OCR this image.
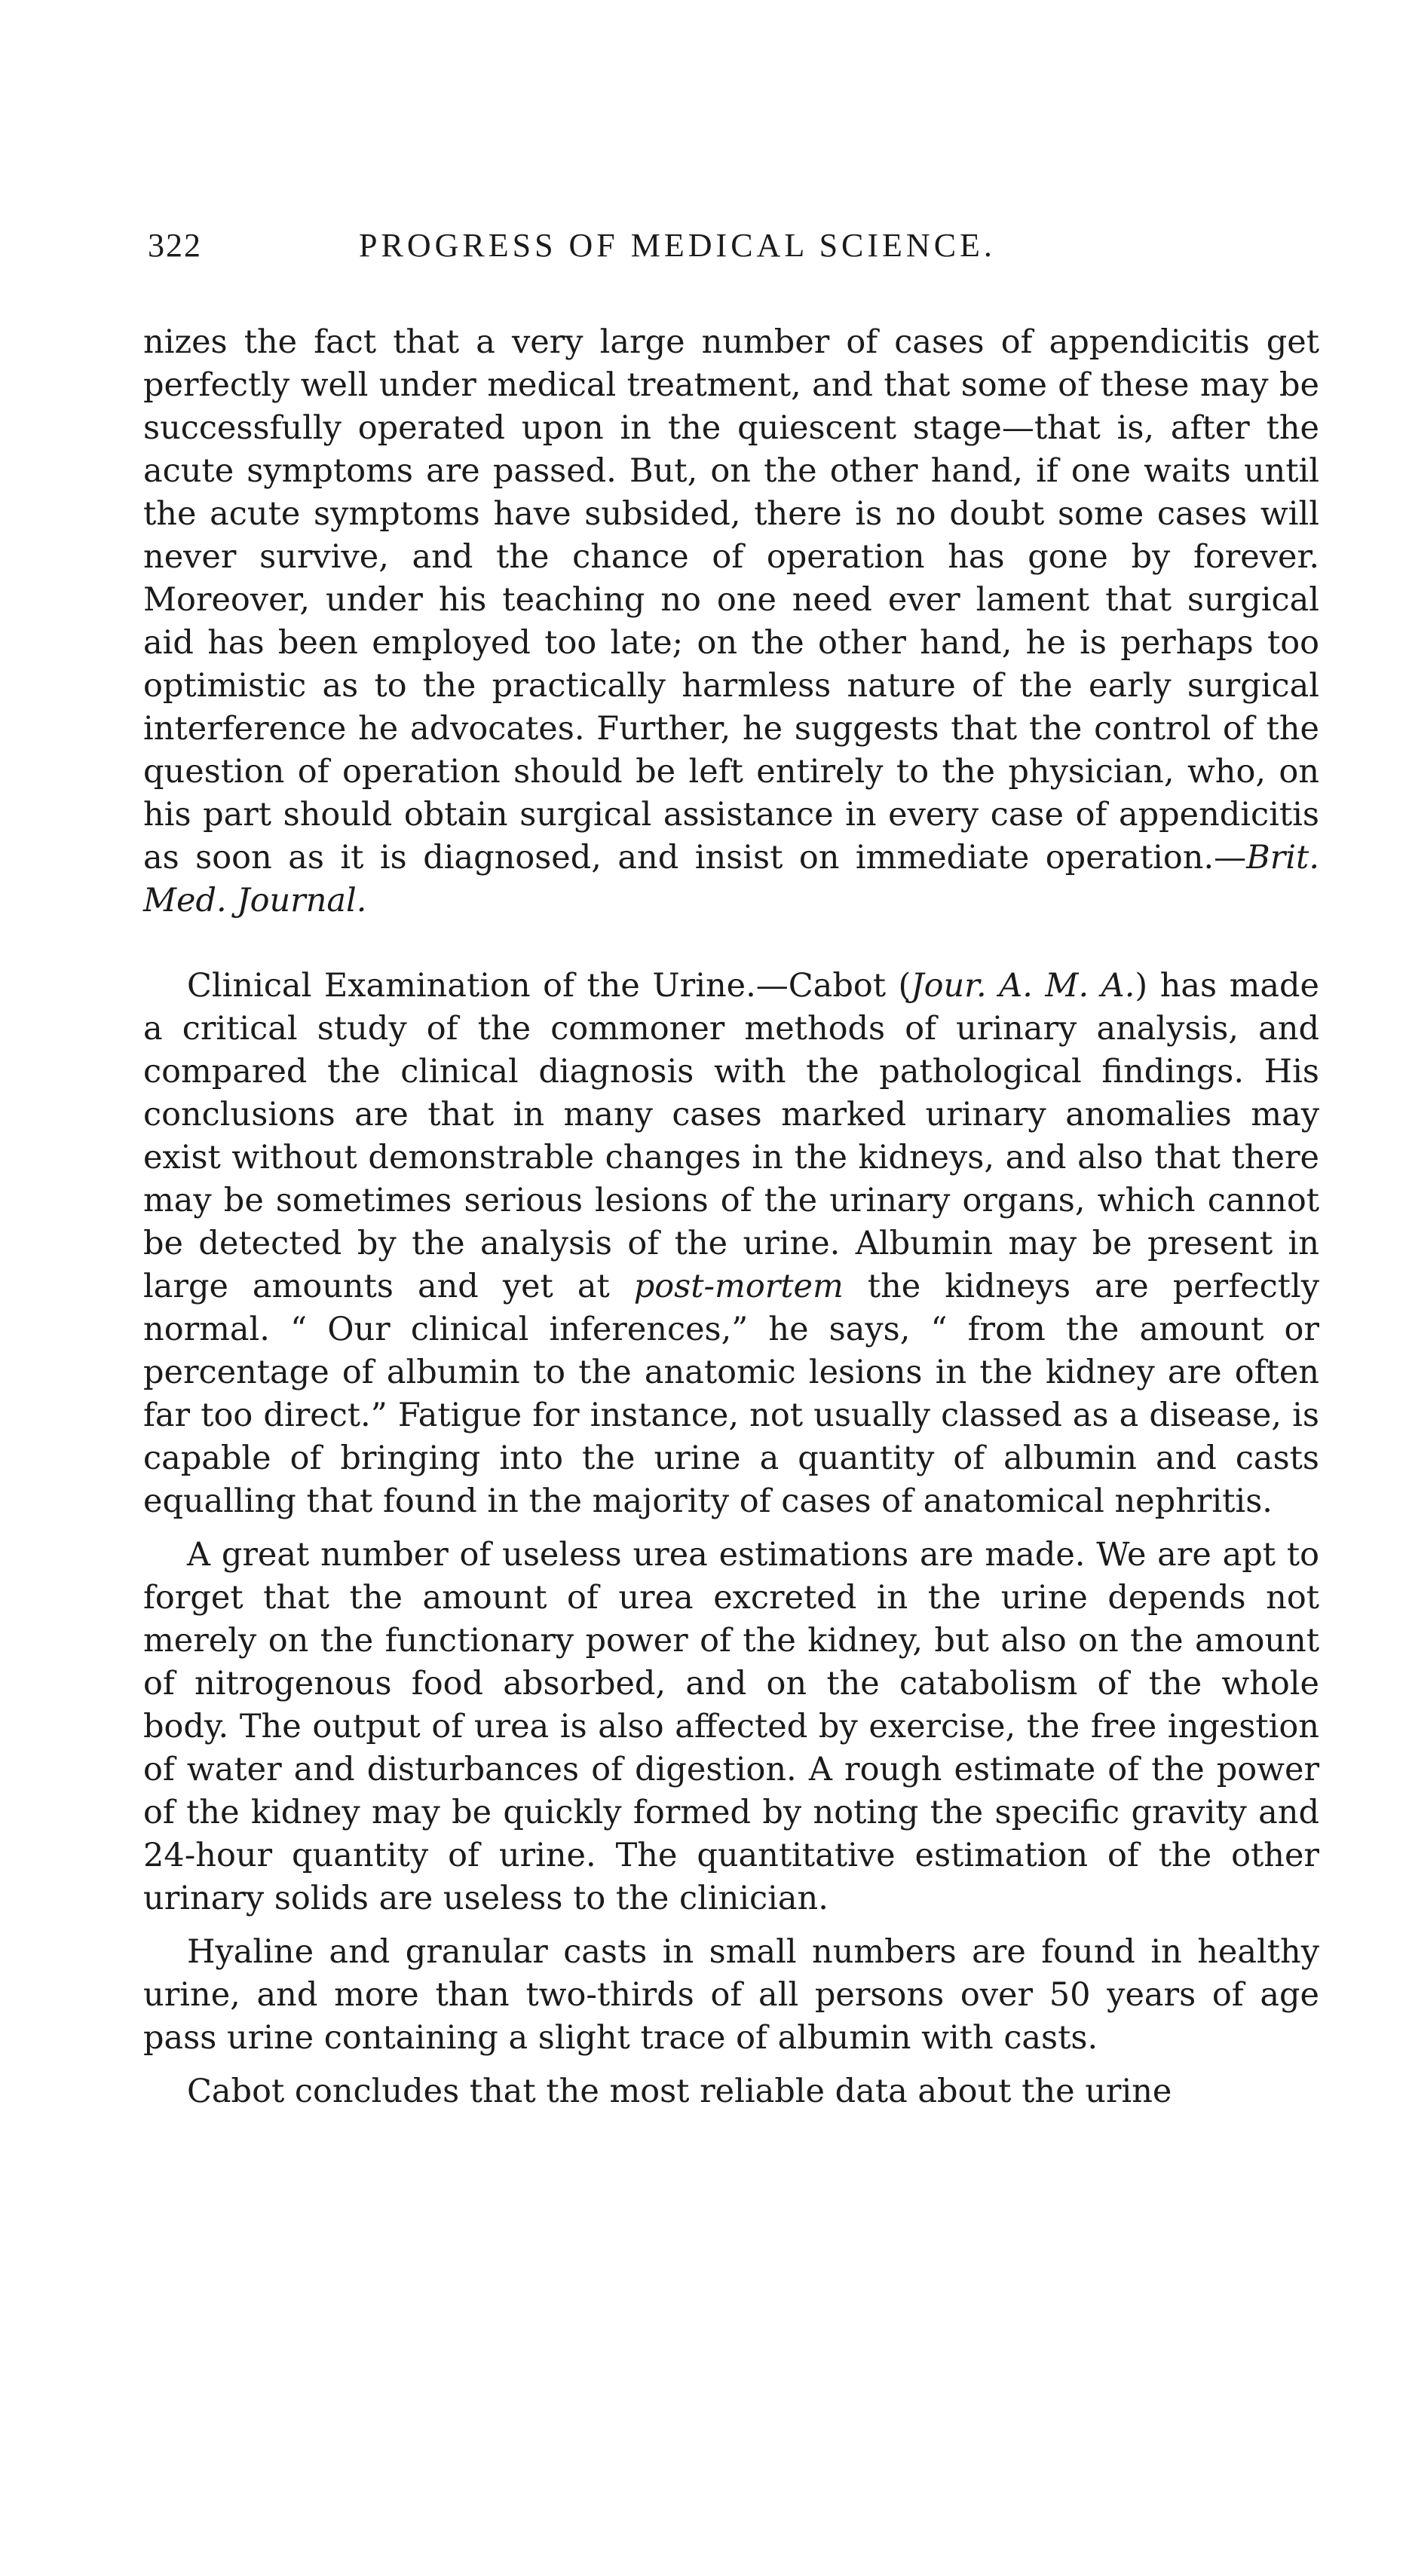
322	PROGRESS OF MEDICAL SCIENCE.

nizes the fact that a very large number of cases of appendicitis get perfectly well under medical treatment, and that some of these may be successfully operated upon in the quiescent stage—that is, after the acute symptoms are passed. But, on the other hand, if one waits until the acute symptoms have subsided, there is no doubt some cases will never survive, and the chance of operation has gone by forever. Moreover, under his teaching no one need ever lament that surgical aid has been employed too late; on the other hand, he is perhaps too optimistic as to the practically harmless nature of the early surgical interference he advocates. Further, he suggests that the control of the question of operation should be left entirely to the physician, who, on his part should obtain surgical assistance in every case of appendicitis as soon as it is diagnosed, and insist on immediate operation.—Brit. Med. Journal.

Clinical Examination of the Urine.—Cabot (Jour. A. M. A.) has made a critical study of the commoner methods of urinary analysis, and compared the clinical diagnosis with the pathological findings. His conclusions are that in many cases marked urinary anomalies may exist without demonstrable changes in the kidneys, and also that there may be sometimes serious lesions of the urinary organs, which cannot be detected by the analysis of the urine. Albumin may be present in large amounts and yet at post-mortem the kidneys are perfectly normal. “ Our clinical inferences,” he says, “ from the amount or percentage of albumin to the anatomic lesions in the kidney are often far too direct.” Fatigue for instance, not usually classed as a disease, is capable of bringing into the urine a quantity of albumin and casts equalling that found in the majority of cases of anatomical nephritis.

A great number of useless urea estimations are made. We are apt to forget that the amount of urea excreted in the urine depends not merely on the functionary power of the kidney, but also on the amount of nitrogenous food absorbed, and on the catabolism of the whole body. The output of urea is also affected by exercise, the free ingestion of water and disturbances of digestion. A rough estimate of the power of the kidney may be quickly formed by noting the specific gravity and 24-hour quantity of urine. The quantitative estimation of the other urinary solids are useless to the clinician.

Hyaline and granular casts in small numbers are found in healthy urine, and more than two-thirds of all persons over 50 years of age pass urine containing a slight trace of albumin with casts.

Cabot concludes that the most reliable data about the urine
